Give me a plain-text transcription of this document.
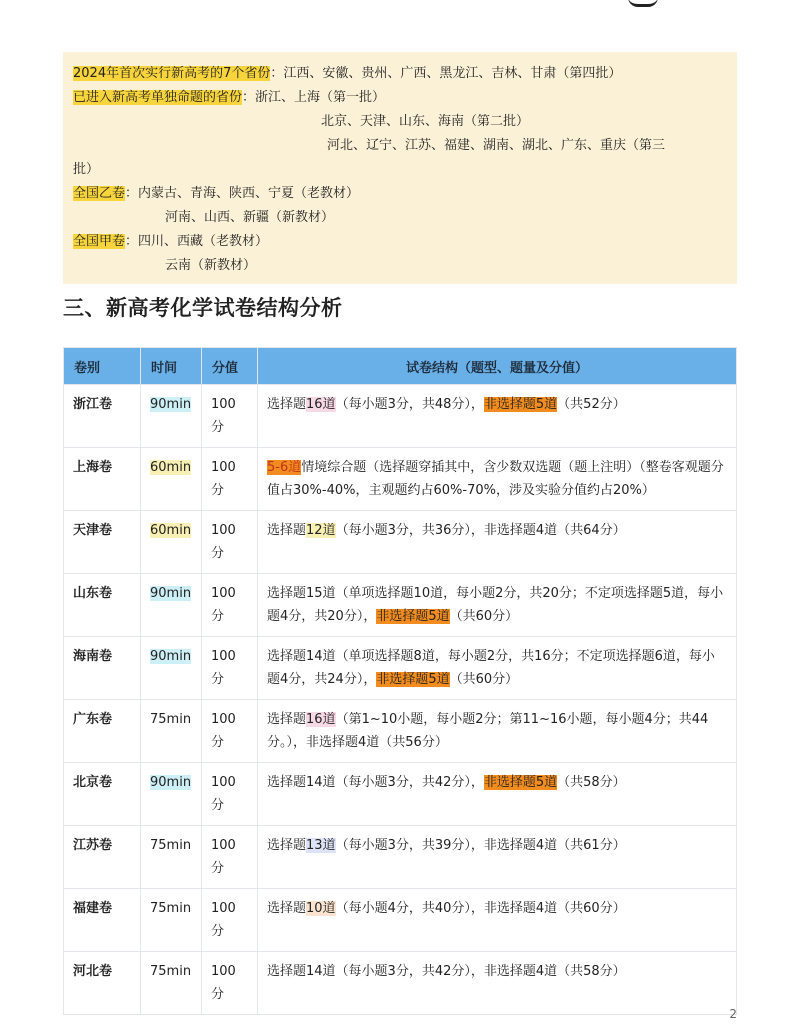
2024年首次实行新高考的7个省份：江西、安徽、贵州、广西、黑龙江、吉林、甘肃（第四批）
已进入新高考单独命题的省份：浙江、上海（第一批）
北京、天津、山东、海南（第二批）
河北、辽宁、江苏、福建、湖南、湖北、广东、重庆（第三
批）
全国乙卷：内蒙古、青海、陕西、宁夏（老教材）
河南、山西、新疆（新教材）
全国甲卷：四川、西藏（老教材）
云南（新教材）
三、新高考化学试卷结构分析
卷别	时间	分值	试卷结构（题型、题量及分值）
浙江卷	90min	100分	选择题16道（每小题3分，共48分），非选择题5道（共52分）
上海卷	60min	100分	5-6道情境综合题（选择题穿插其中，含少数双选题（题上注明）（整卷客观题分值占30%-40%，主观题约占60%-70%，涉及实验分值约占20%）
天津卷	60min	100分	选择题12道（每小题3分，共36分），非选择题4道（共64分）
山东卷	90min	100分	选择题15道（单项选择题10道，每小题2分，共20分；不定项选择题5道，每小题4分，共20分），非选择题5道（共60分）
海南卷	90min	100分	选择题14道（单项选择题8道，每小题2分，共16分；不定项选择题6道，每小题4分，共24分），非选择题5道（共60分）
广东卷	75min	100分	选择题16道（第1~10小题，每小题2分；第11~16小题，每小题4分；共44分。），非选择题4道（共56分）
北京卷	90min	100分	选择题14道（每小题3分，共42分），非选择题5道（共58分）
江苏卷	75min	100分	选择题13道（每小题3分，共39分），非选择题4道（共61分）
福建卷	75min	100分	选择题10道（每小题4分，共40分），非选择题4道（共60分）
河北卷	75min	100分	选择题14道（每小题3分，共42分），非选择题4道（共58分）
2
